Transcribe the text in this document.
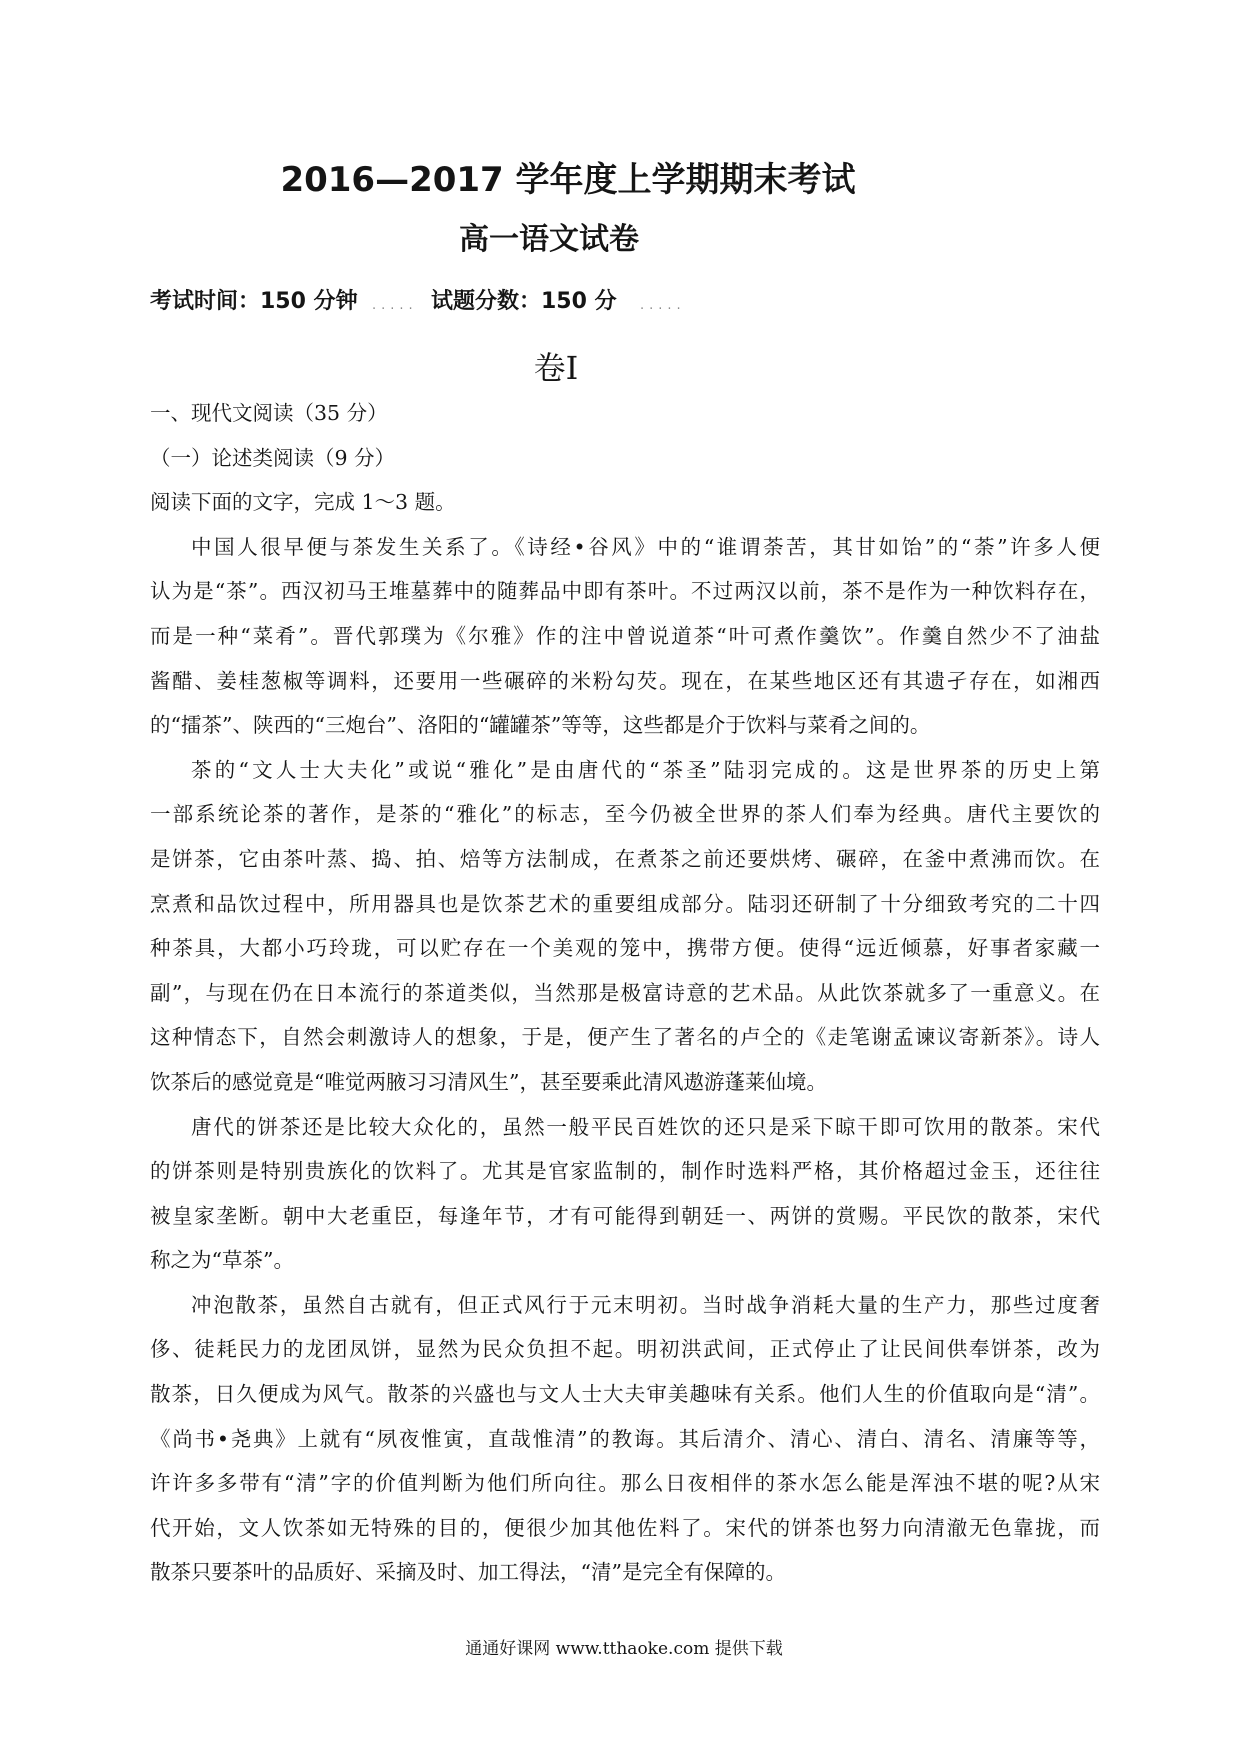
2016—2017 学年度上学期期末考试
高一语文试卷
考试时间：150 分钟 ..... 试题分数：150 分 .....
卷Ⅰ
一、现代文阅读（35 分）
（一）论述类阅读（9 分）
阅读下面的文字，完成 1～3 题。
中国人很早便与茶发生关系了。《诗经•谷风》中的“谁谓荼苦，其甘如饴”的“荼”许多人便
认为是“茶”。西汉初马王堆墓葬中的随葬品中即有茶叶。不过两汉以前，茶不是作为一种饮料存在，
而是一种“菜肴”。晋代郭璞为《尔雅》作的注中曾说道茶“叶可煮作羹饮”。作羹自然少不了油盐
酱醋、姜桂葱椒等调料，还要用一些碾碎的米粉勾芡。现在，在某些地区还有其遗孑存在，如湘西
的“擂茶”、陕西的“三炮台”、洛阳的“罐罐茶”等等，这些都是介于饮料与菜肴之间的。
茶的“文人士大夫化”或说“雅化”是由唐代的“茶圣”陆羽完成的。这是世界茶的历史上第
一部系统论茶的著作，是茶的“雅化”的标志，至今仍被全世界的茶人们奉为经典。唐代主要饮的
是饼茶，它由茶叶蒸、捣、拍、焙等方法制成，在煮茶之前还要烘烤、碾碎，在釜中煮沸而饮。在
烹煮和品饮过程中，所用器具也是饮茶艺术的重要组成部分。陆羽还研制了十分细致考究的二十四
种茶具，大都小巧玲珑，可以贮存在一个美观的笼中，携带方便。使得“远近倾慕，好事者家藏一
副”，与现在仍在日本流行的茶道类似，当然那是极富诗意的艺术品。从此饮茶就多了一重意义。在
这种情态下，自然会刺激诗人的想象，于是，便产生了著名的卢仝的《走笔谢孟谏议寄新茶》。诗人
饮茶后的感觉竟是“唯觉两腋习习清风生”，甚至要乘此清风遨游蓬莱仙境。
唐代的饼茶还是比较大众化的，虽然一般平民百姓饮的还只是采下晾干即可饮用的散茶。宋代
的饼茶则是特别贵族化的饮料了。尤其是官家监制的，制作时选料严格，其价格超过金玉，还往往
被皇家垄断。朝中大老重臣，每逢年节，才有可能得到朝廷一、两饼的赏赐。平民饮的散茶，宋代
称之为“草茶”。
冲泡散茶，虽然自古就有，但正式风行于元末明初。当时战争消耗大量的生产力，那些过度奢
侈、徒耗民力的龙团凤饼，显然为民众负担不起。明初洪武间，正式停止了让民间供奉饼茶，改为
散茶，日久便成为风气。散茶的兴盛也与文人士大夫审美趣味有关系。他们人生的价值取向是“清”。
《尚书•尧典》上就有“夙夜惟寅，直哉惟清”的教诲。其后清介、清心、清白、清名、清廉等等，
许许多多带有“清”字的价值判断为他们所向往。那么日夜相伴的茶水怎么能是浑浊不堪的呢?从宋
代开始，文人饮茶如无特殊的目的，便很少加其他佐料了。宋代的饼茶也努力向清澈无色靠拢，而
散茶只要茶叶的品质好、采摘及时、加工得法，“清”是完全有保障的。
通通好课网 www.tthaoke.com 提供下载
